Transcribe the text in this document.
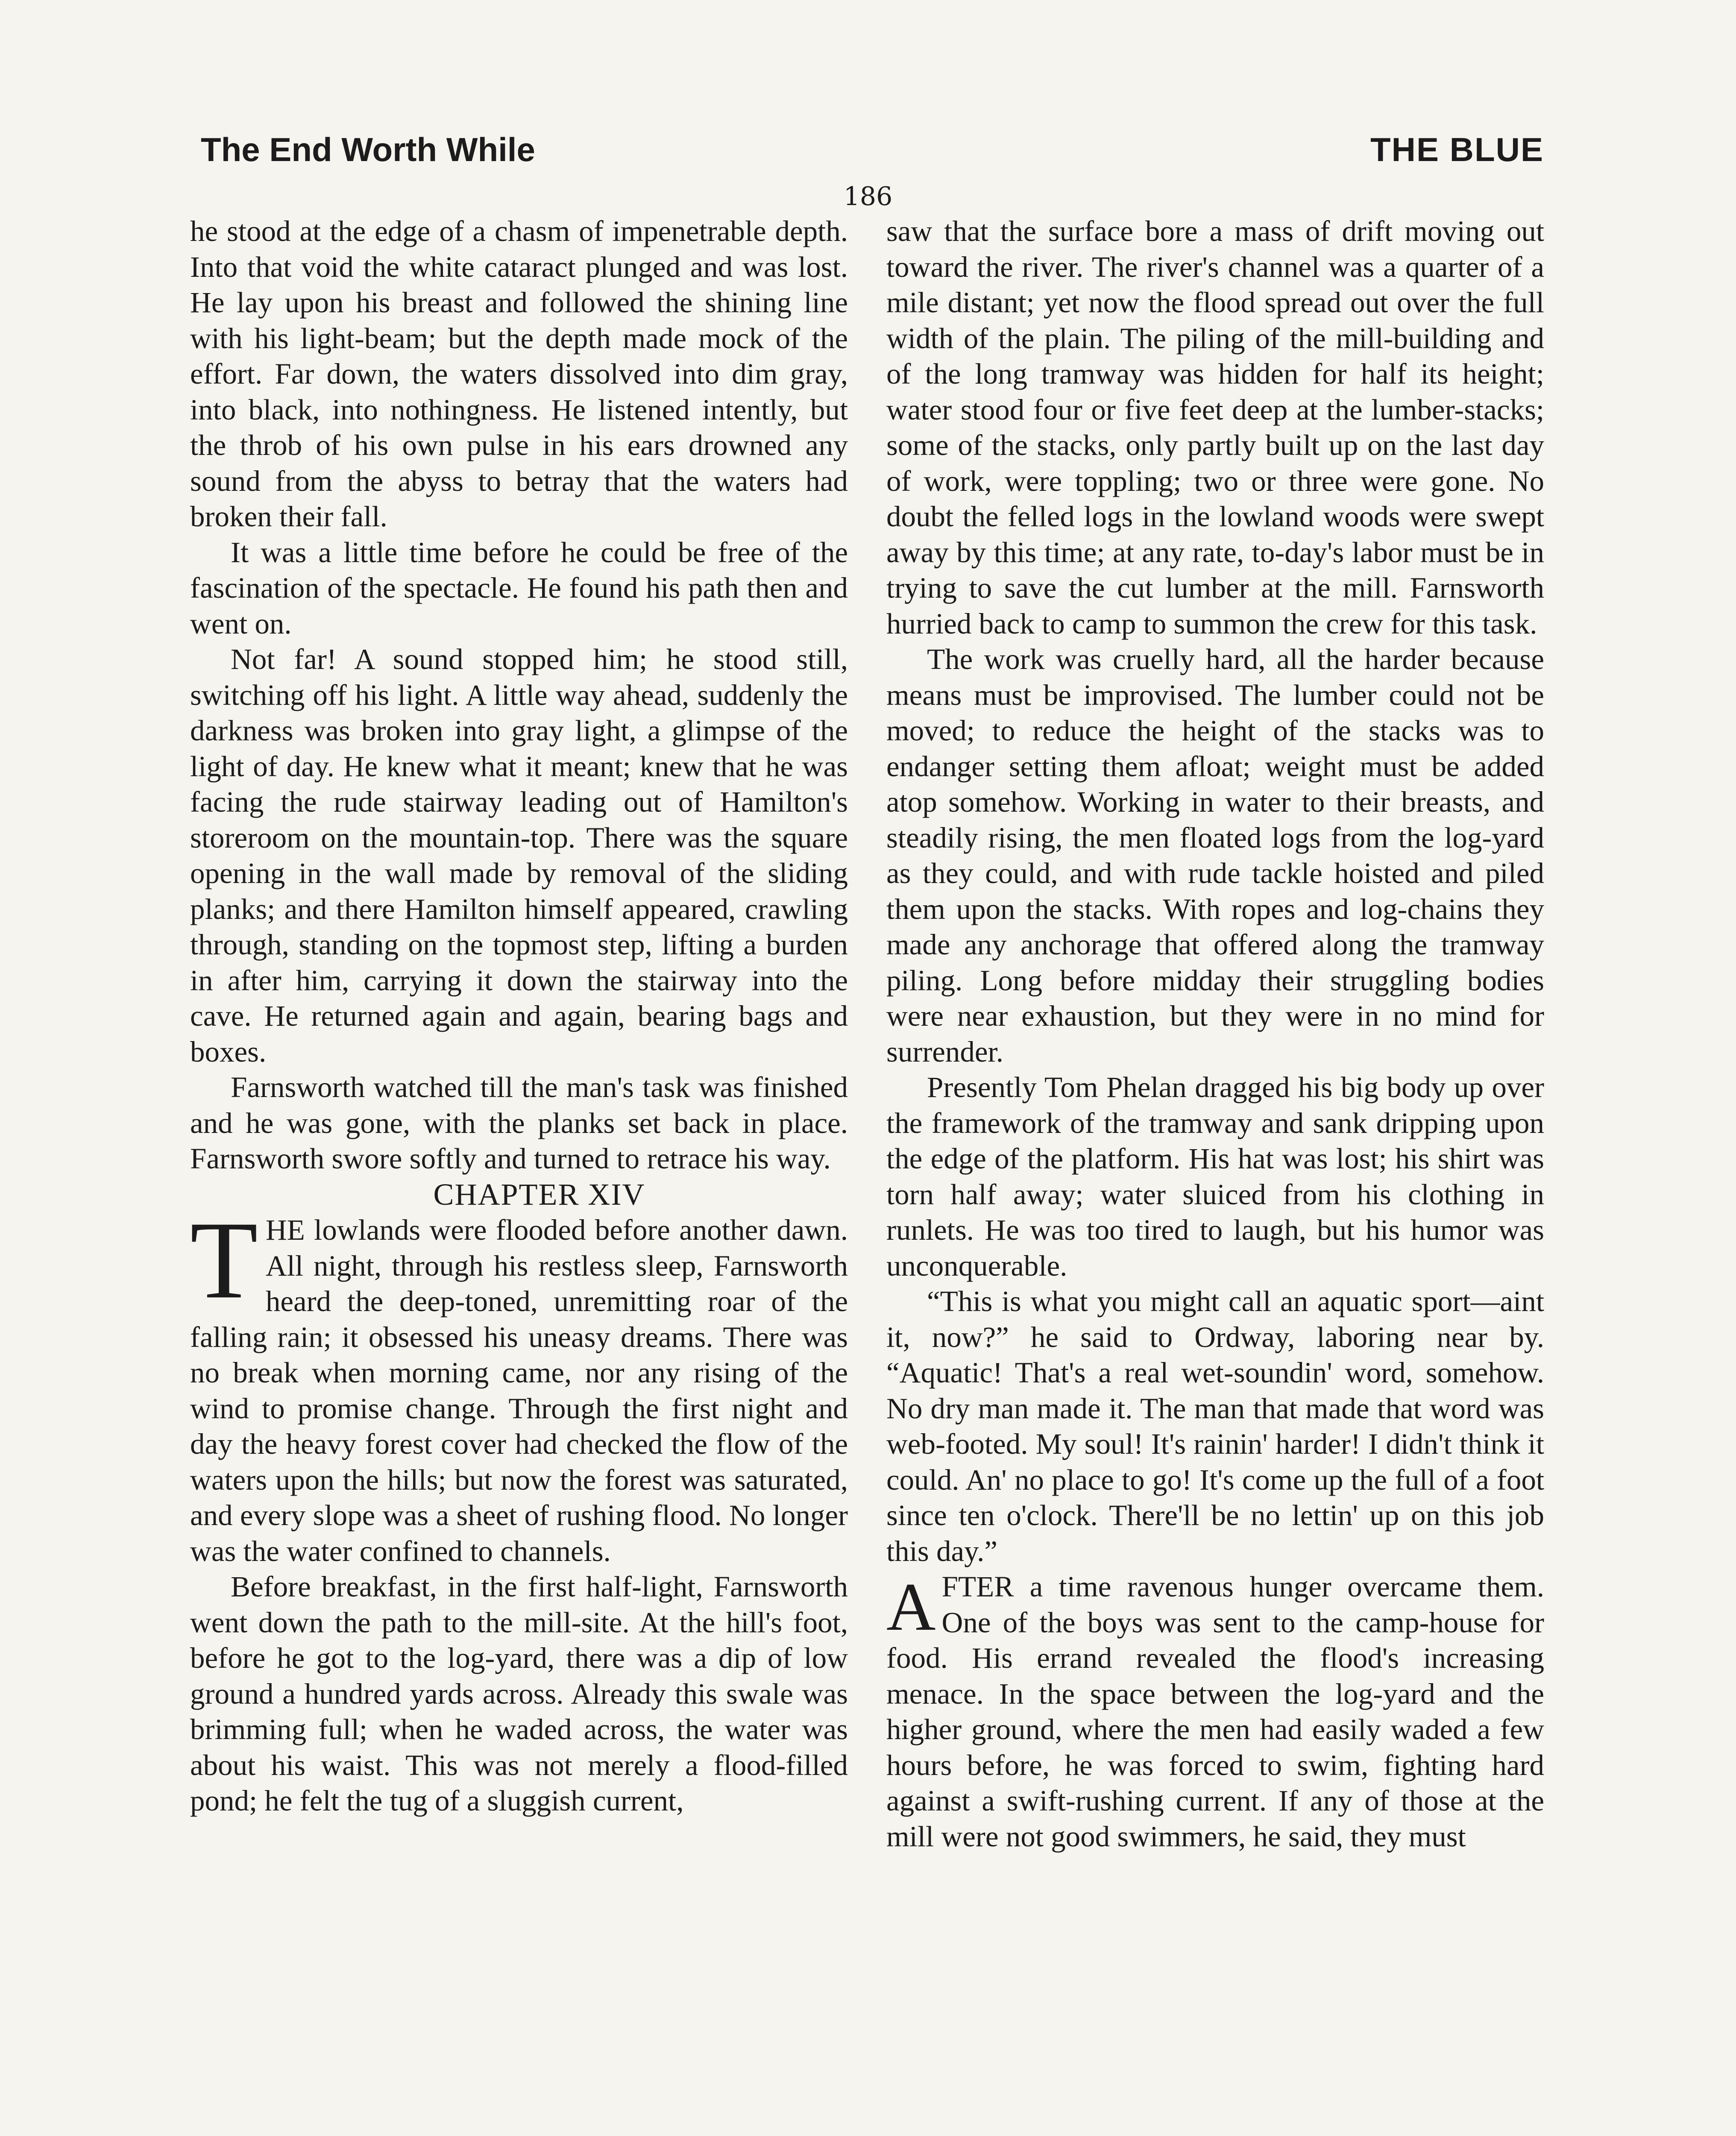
The End Worth While	THE BLUE
186

he stood at the edge of a chasm of impenetrable depth. Into that void the white cataract plunged and was lost. He lay upon his breast and followed the shining line with his light-beam; but the depth made mock of the effort. Far down, the waters dissolved into dim gray, into black, into nothingness. He listened intently, but the throb of his own pulse in his ears drowned any sound from the abyss to betray that the waters had broken their fall.

It was a little time before he could be free of the fascination of the spectacle. He found his path then and went on.

Not far! A sound stopped him; he stood still, switching off his light. A little way ahead, suddenly the darkness was broken into gray light, a glimpse of the light of day. He knew what it meant; knew that he was facing the rude stairway leading out of Hamilton's storeroom on the mountain-top. There was the square opening in the wall made by removal of the sliding planks; and there Hamilton himself appeared, crawling through, standing on the topmost step, lifting a burden in after him, carrying it down the stairway into the cave. He returned again and again, bearing bags and boxes.

Farnsworth watched till the man's task was finished and he was gone, with the planks set back in place. Farnsworth swore softly and turned to retrace his way.

CHAPTER XIV

THE lowlands were flooded before another dawn. All night, through his restless sleep, Farnsworth heard the deep-toned, unremitting roar of the falling rain; it obsessed his uneasy dreams. There was no break when morning came, nor any rising of the wind to promise change. Through the first night and day the heavy forest cover had checked the flow of the waters upon the hills; but now the forest was saturated, and every slope was a sheet of rushing flood. No longer was the water confined to channels.

Before breakfast, in the first half-light, Farnsworth went down the path to the mill-site. At the hill's foot, before he got to the log-yard, there was a dip of low ground a hundred yards across. Already this swale was brimming full; when he waded across, the water was about his waist. This was not merely a flood-filled pond; he felt the tug of a sluggish current,

saw that the surface bore a mass of drift moving out toward the river. The river's channel was a quarter of a mile distant; yet now the flood spread out over the full width of the plain. The piling of the mill-building and of the long tramway was hidden for half its height; water stood four or five feet deep at the lumber-stacks; some of the stacks, only partly built up on the last day of work, were toppling; two or three were gone. No doubt the felled logs in the lowland woods were swept away by this time; at any rate, to-day's labor must be in trying to save the cut lumber at the mill. Farnsworth hurried back to camp to summon the crew for this task.

The work was cruelly hard, all the harder because means must be improvised. The lumber could not be moved; to reduce the height of the stacks was to endanger setting them afloat; weight must be added atop somehow. Working in water to their breasts, and steadily rising, the men floated logs from the log-yard as they could, and with rude tackle hoisted and piled them upon the stacks. With ropes and log-chains they made any anchorage that offered along the tramway piling. Long before midday their struggling bodies were near exhaustion, but they were in no mind for surrender.

Presently Tom Phelan dragged his big body up over the framework of the tramway and sank dripping upon the edge of the platform. His hat was lost; his shirt was torn half away; water sluiced from his clothing in runlets. He was too tired to laugh, but his humor was unconquerable.

“This is what you might call an aquatic sport—aint it, now?” he said to Ordway, laboring near by. “Aquatic! That's a real wet-soundin' word, somehow. No dry man made it. The man that made that word was web-footed. My soul! It's rainin' harder! I didn't think it could. An' no place to go! It's come up the full of a foot since ten o'clock. There'll be no lettin' up on this job this day.”

AFTER a time ravenous hunger overcame them. One of the boys was sent to the camp-house for food. His errand revealed the flood's increasing menace. In the space between the log-yard and the higher ground, where the men had easily waded a few hours before, he was forced to swim, fighting hard against a swift-rushing current. If any of those at the mill were not good swimmers, he said, they must
